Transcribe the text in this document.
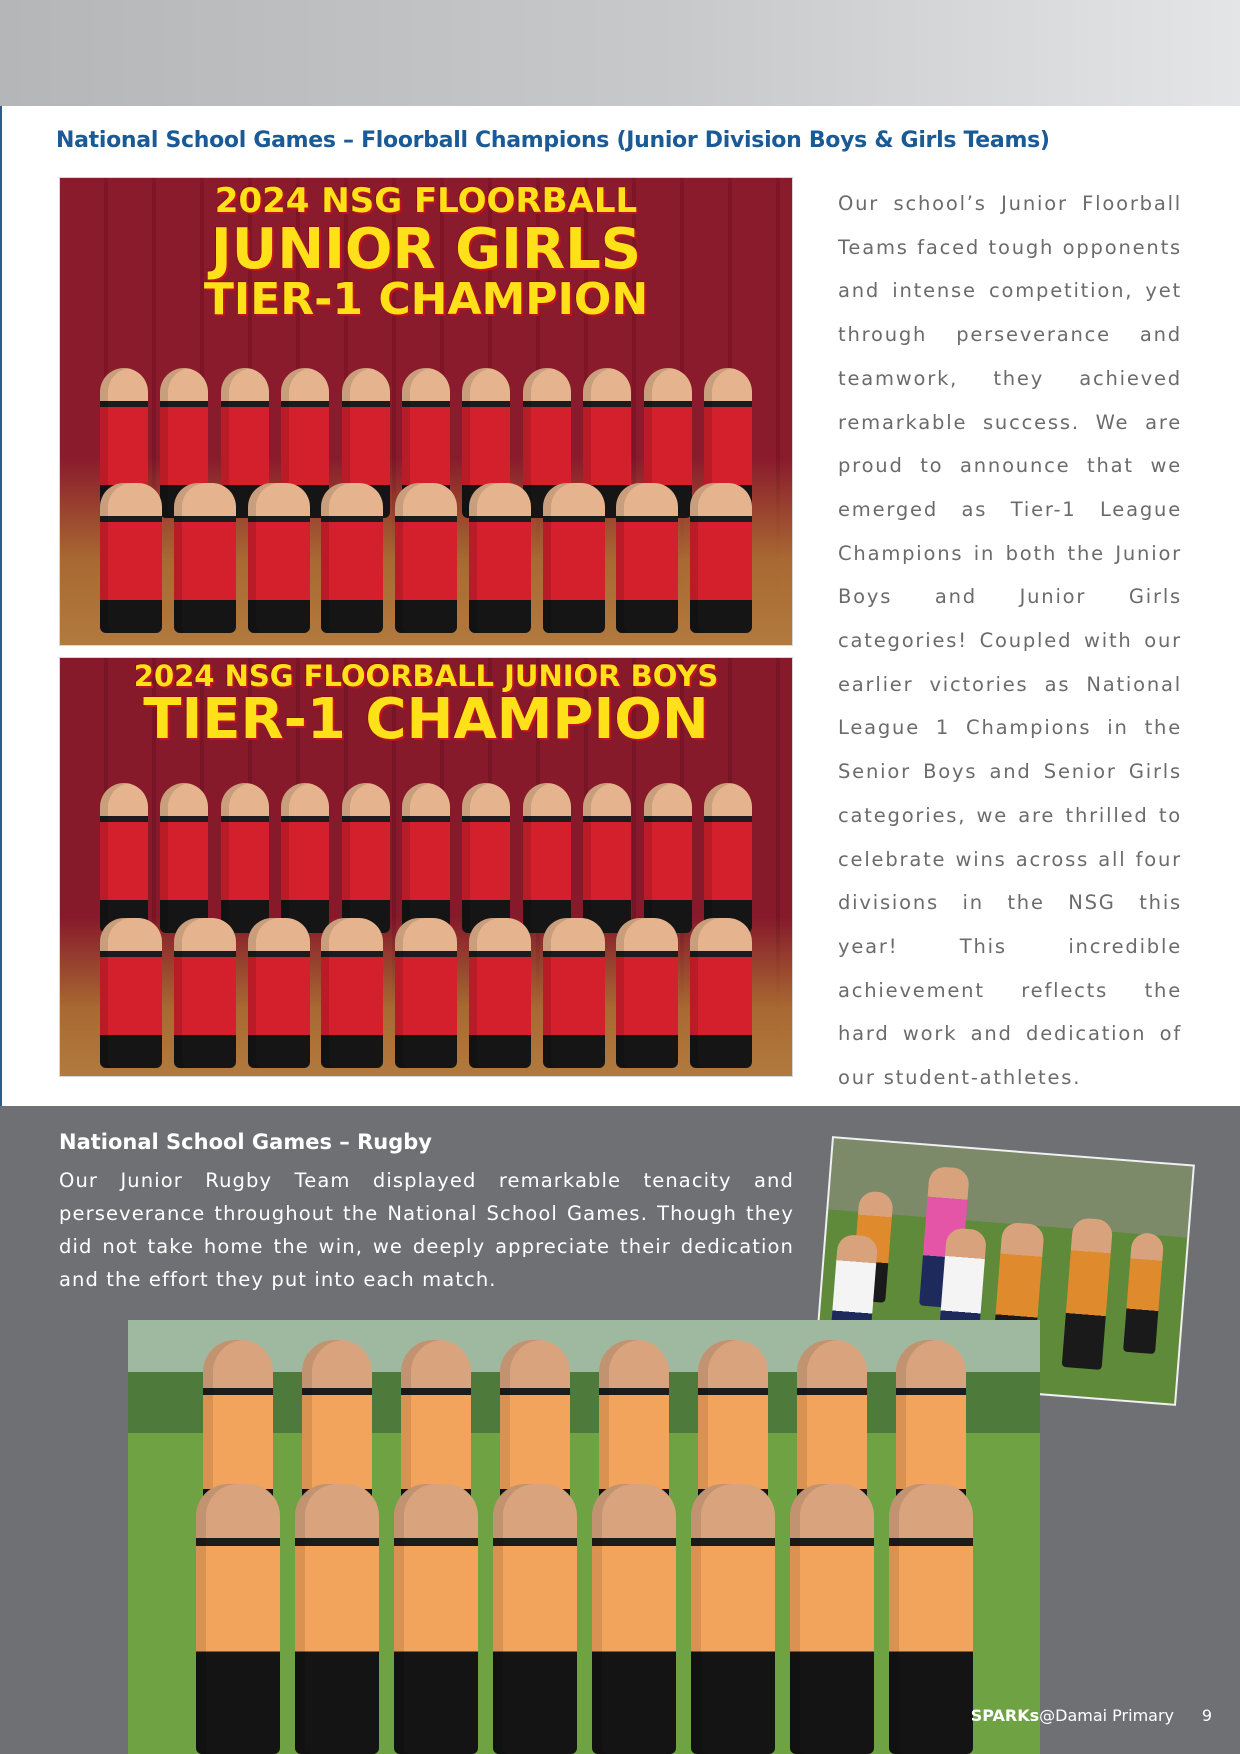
National School Games – Floorball Champions (Junior Division Boys & Girls Teams)

2024 NSG FLOORBALL

JUNIOR GIRLS

TIER-1 CHAMPION

2024 NSG FLOORBALL JUNIOR BOYS

TIER-1 CHAMPION

Our school’s Junior Floorball Teams faced tough opponents and intense competition, yet through perseverance and teamwork, they achieved remarkable success. We are proud to announce that we emerged as Tier-1 League Champions in both the Junior Boys and Junior Girls categories! Coupled with our earlier victories as National League 1 Champions in the Senior Boys and Senior Girls categories, we are thrilled to celebrate wins across all four divisions in the NSG this year! This incredible achievement reflects the hard work and dedication of our student-athletes.

National School Games – Rugby

Our Junior Rugby Team displayed remarkable tenacity and perseverance throughout the National School Games. Though they did not take home the win, we deeply appreciate their dedication and the effort they put into each match.

SPARKs@Damai Primary 9
